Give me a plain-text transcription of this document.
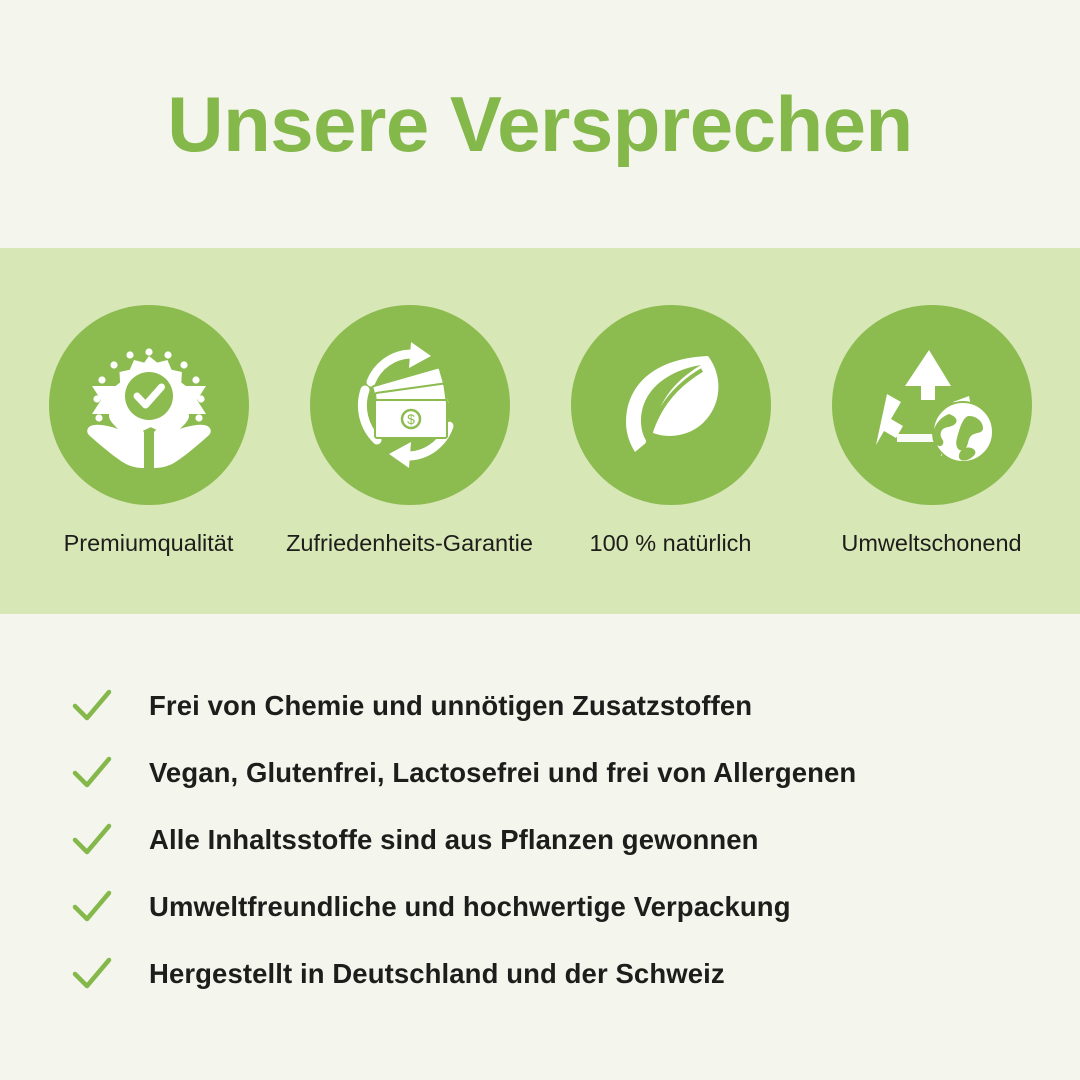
Unsere Versprechen
Premiumqualität
$
Zufriedenheits-Garantie 100 % natürlich	Umweltschonend
Frei von Chemie und unnötigen Zusatzstoffen
Vegan, Glutenfrei, Lactosefrei und frei von Allergenen
Alle Inhaltsstoffe sind aus Pflanzen gewonnen
Umweltfreundliche und hochwertige Verpackung
Hergestellt in Deutschland und der Schweiz
